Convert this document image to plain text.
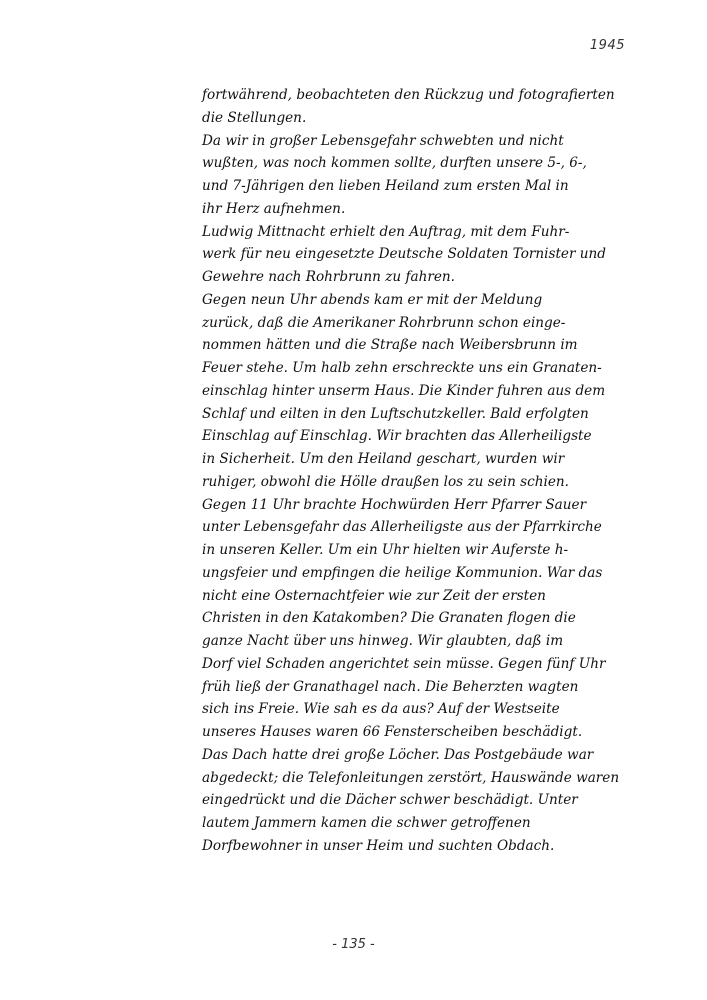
1945
fortwährend, beobachteten den Rückzug und fotografierten
die Stellungen.
Da wir in großer Lebensgefahr schwebten und nicht
wußten, was noch kommen sollte, durften unsere 5-, 6-,
und 7-Jährigen den lieben Heiland zum ersten Mal in
ihr Herz aufnehmen.
Ludwig Mittnacht erhielt den Auftrag, mit dem Fuhr-
werk für neu eingesetzte Deutsche Soldaten Tornister und
Gewehre nach Rohrbrunn zu fahren.
Gegen neun Uhr abends kam er mit der Meldung
zurück, daß die Amerikaner Rohrbrunn schon einge-
nommen hätten und die Straße nach Weibersbrunn im
Feuer stehe. Um halb zehn erschreckte uns ein Granaten-
einschlag hinter unserm Haus. Die Kinder fuhren aus dem
Schlaf und eilten in den Luftschutzkeller. Bald erfolgten
Einschlag auf Einschlag. Wir brachten das Allerheiligste
in Sicherheit. Um den Heiland geschart, wurden wir
ruhiger, obwohl die Hölle draußen los zu sein schien.
Gegen 11 Uhr brachte Hochwürden Herr Pfarrer Sauer
unter Lebensgefahr das Allerheiligste aus der Pfarrkirche
in unseren Keller. Um ein Uhr hielten wir Auferste h-
ungsfeier und empfingen die heilige Kommunion. War das
nicht eine Osternachtfeier wie zur Zeit der ersten
Christen in den Katakomben? Die Granaten flogen die
ganze Nacht über uns hinweg. Wir glaubten, daß im
Dorf viel Schaden angerichtet sein müsse. Gegen fünf Uhr
früh ließ der Granathagel nach. Die Beherzten wagten
sich ins Freie. Wie sah es da aus? Auf der Westseite
unseres Hauses waren 66 Fensterscheiben beschädigt.
Das Dach hatte drei große Löcher. Das Postgebäude war
abgedeckt; die Telefonleitungen zerstört, Hauswände waren
eingedrückt und die Dächer schwer beschädigt. Unter
lautem Jammern kamen die schwer getroffenen
Dorfbewohner in unser Heim und suchten Obdach.
- 135 -
